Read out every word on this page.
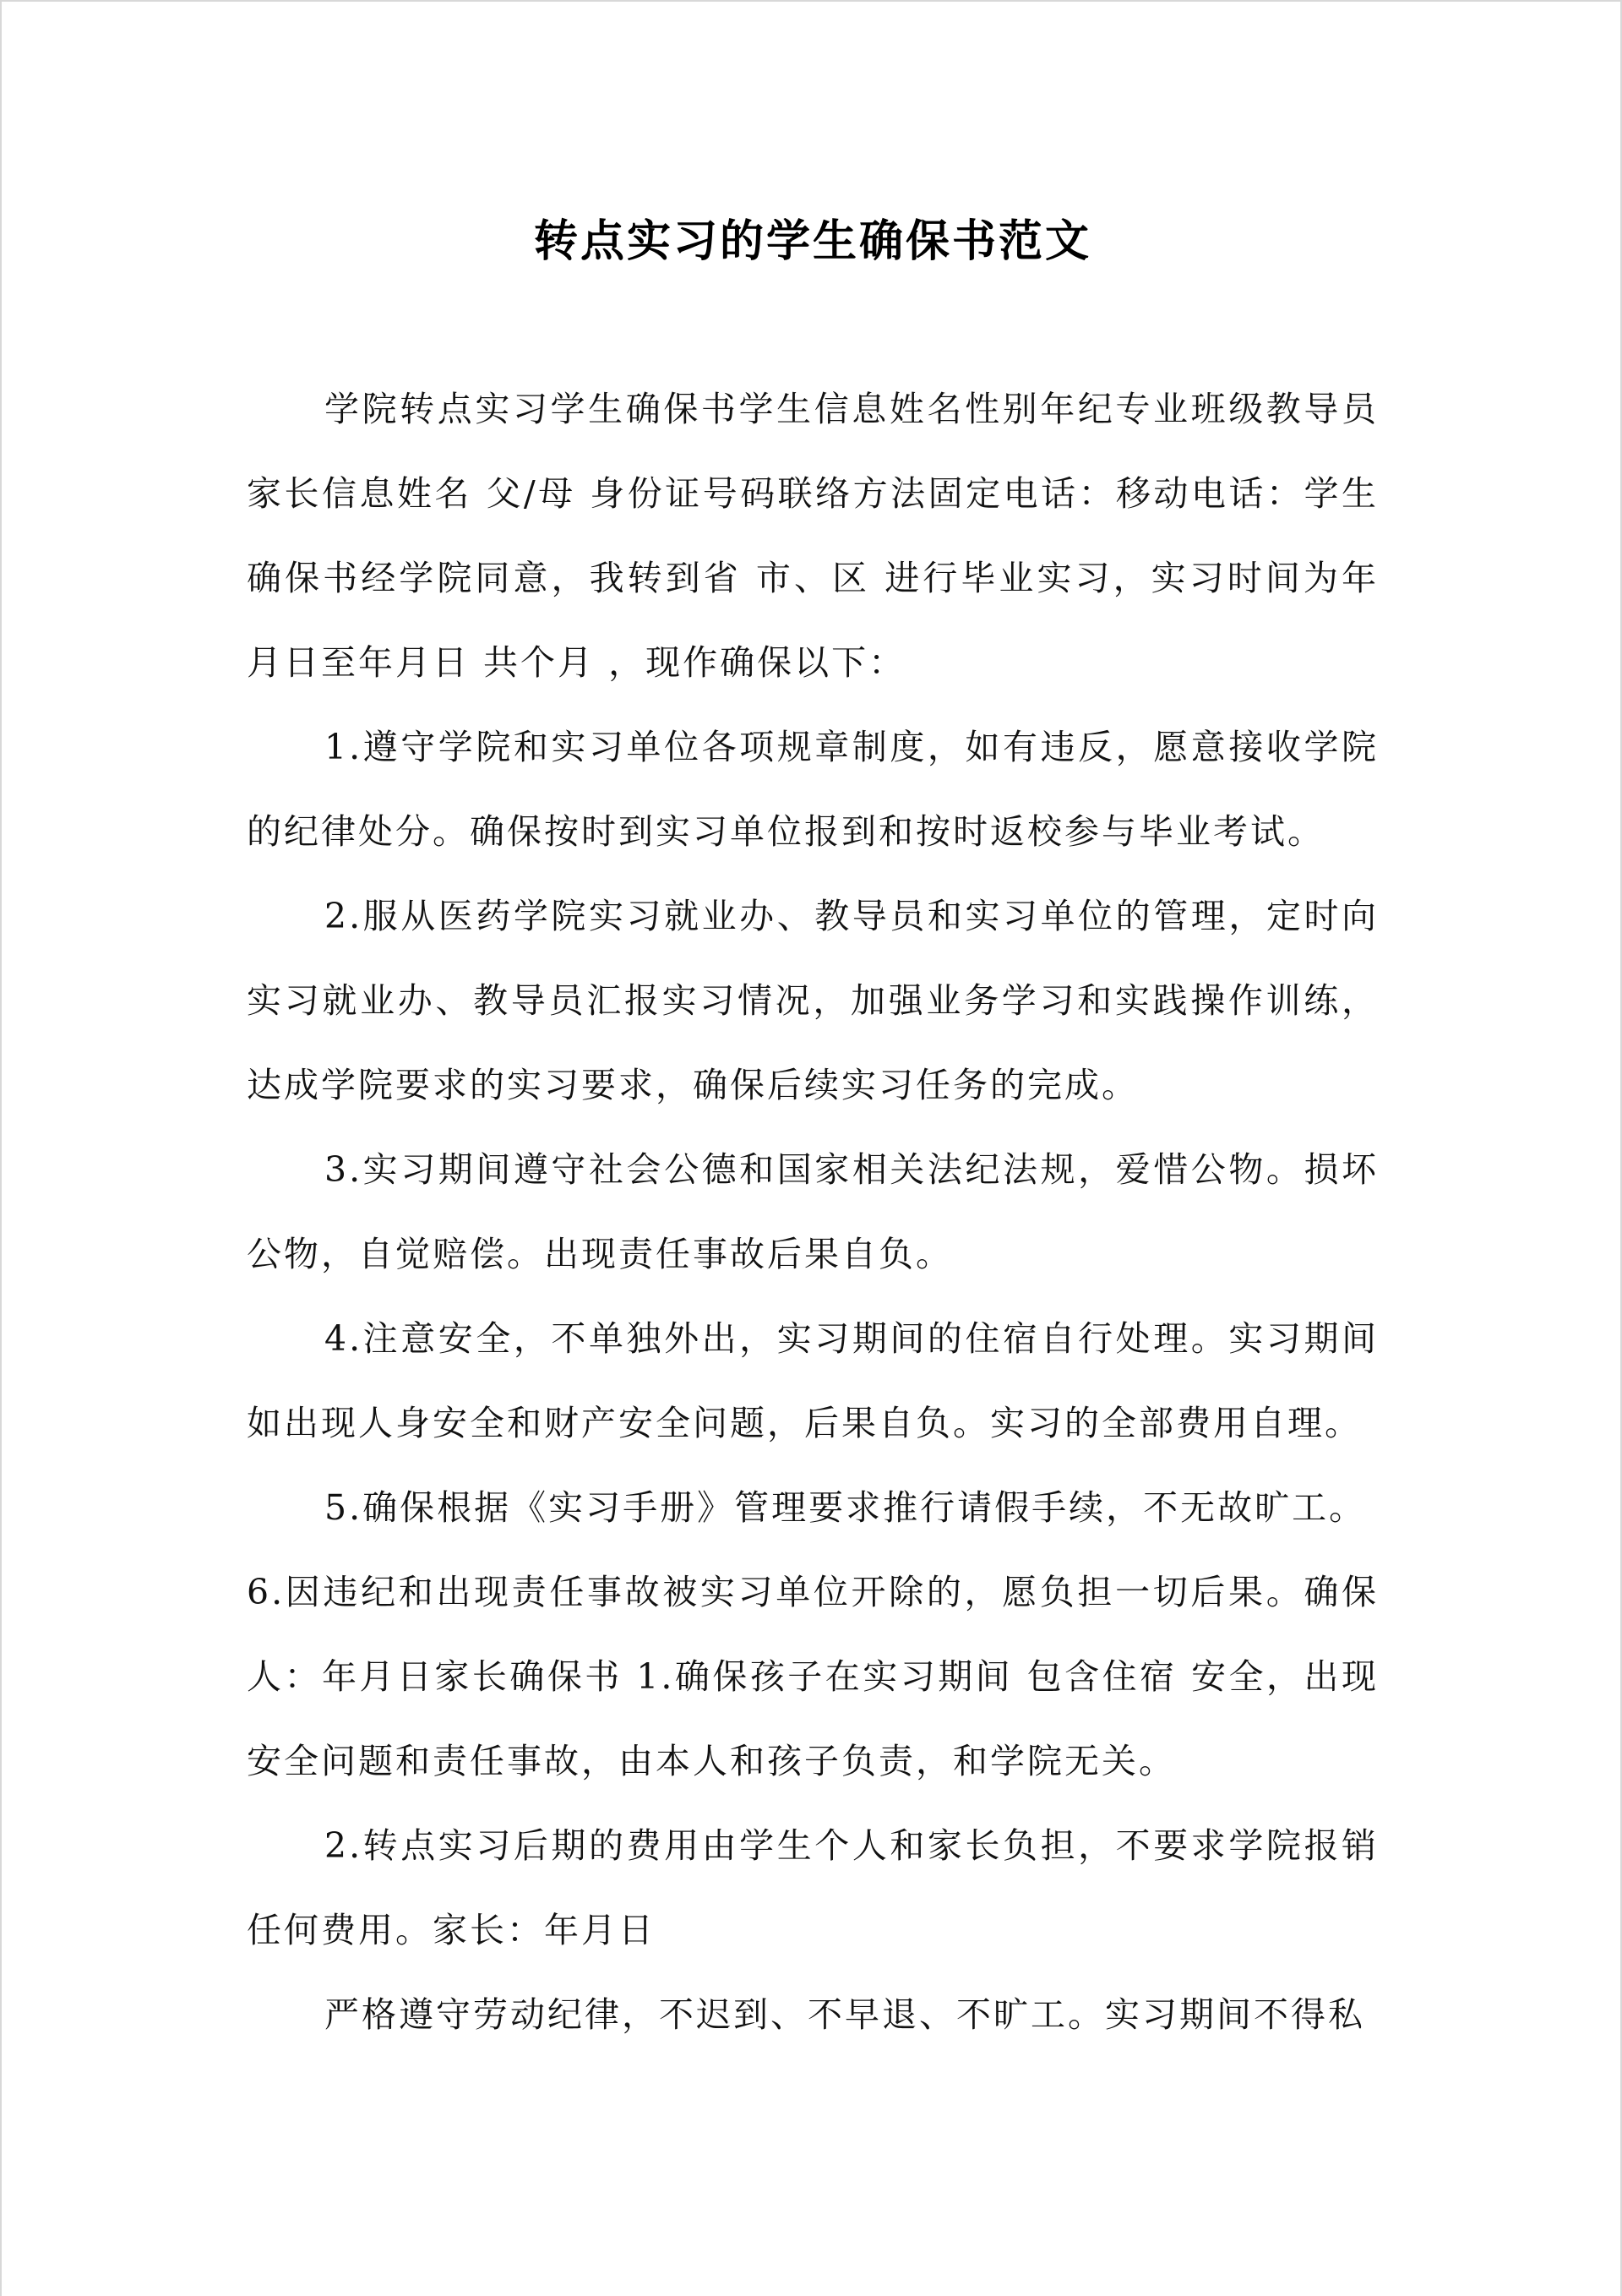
转点实习的学生确保书范文

学院转点实习学生确保书学生信息姓名性别年纪专业班级教导员家长信息姓名 父/母 身份证号码联络方法固定电话：移动电话：学生确保书经学院同意，我转到省 市、区 进行毕业实习，实习时间为年月日至年月日 共个月 ，现作确保以下：

1.遵守学院和实习单位各项规章制度，如有违反，愿意接收学院的纪律处分。确保按时到实习单位报到和按时返校参与毕业考试。

2.服从医药学院实习就业办、教导员和实习单位的管理，定时向实习就业办、教导员汇报实习情况，加强业务学习和实践操作训练，达成学院要求的实习要求，确保后续实习任务的完成。

3.实习期间遵守社会公德和国家相关法纪法规，爱惜公物。损坏公物，自觉赔偿。出现责任事故后果自负。

4.注意安全，不单独外出，实习期间的住宿自行处理。实习期间如出现人身安全和财产安全问题，后果自负。实习的全部费用自理。

5.确保根据《实习手册》管理要求推行请假手续，不无故旷工。

6.因违纪和出现责任事故被实习单位开除的，愿负担一切后果。确保人：年月日家长确保书 1.确保孩子在实习期间 包含住宿 安全，出现安全问题和责任事故，由本人和孩子负责，和学院无关。

2.转点实习后期的费用由学生个人和家长负担，不要求学院报销任何费用。家长：年月日

严格遵守劳动纪律，不迟到、不早退、不旷工。实习期间不得私
